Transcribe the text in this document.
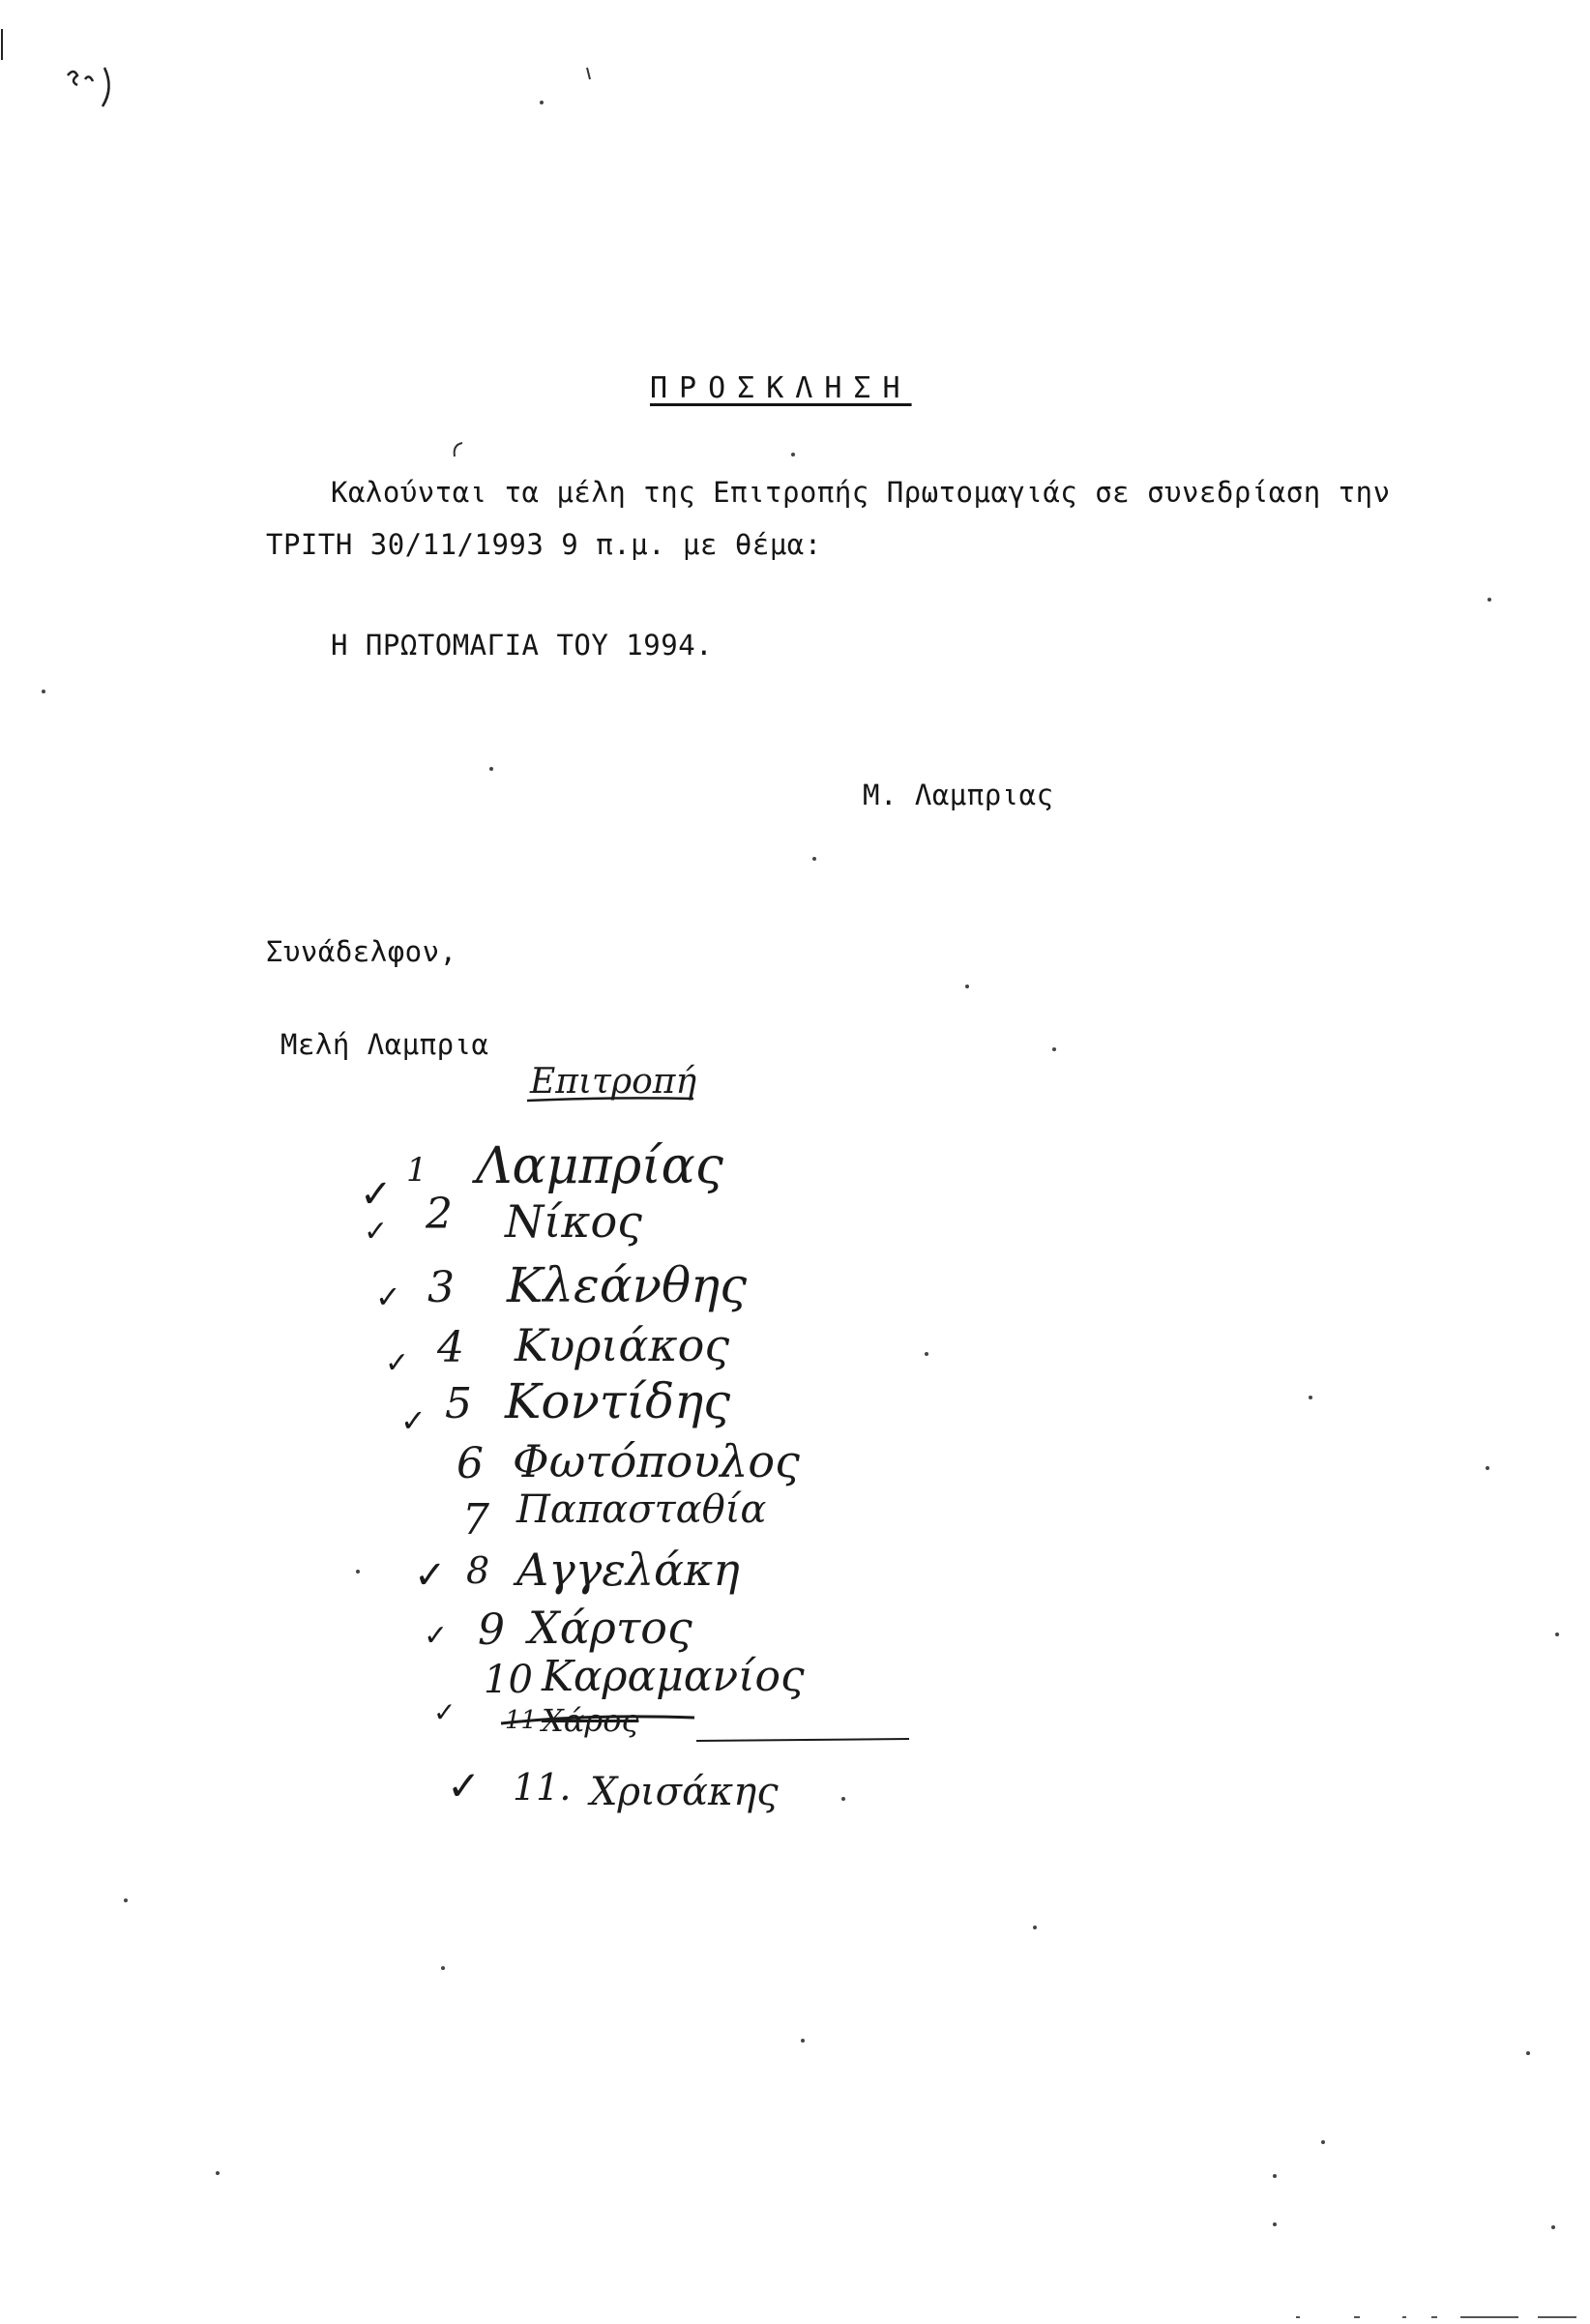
ΠΡΟΣΚΛΗΣΗ
Καλούνται τα μέλη της Επιτροπής Πρωτομαγιάς σε συνεδρίαση την
ΤΡΙΤΗ 30/11/1993 9 π.μ. με θέμα:
Η ΠΡΩΤΟΜΑΓΙΑ ΤΟΥ 1994.
Μ. Λαμπριας
Συνάδελφον,
Μελή Λαμπρια
Επιτροπή
✓
1 Λαμπρίας
✓ 2 Νίκος
✓ 3 Κλεάνθης
✓ 4 Κυριάκος
✓ 5 Κοντίδης
6 Φωτόπουλος
7 Παπασταθία
✓ 8 Αγγελάκη
✓ 9 Χάρτος
✓
10 Καραμανίος
11 Χάρος
✓ 11. Χρισάκης
